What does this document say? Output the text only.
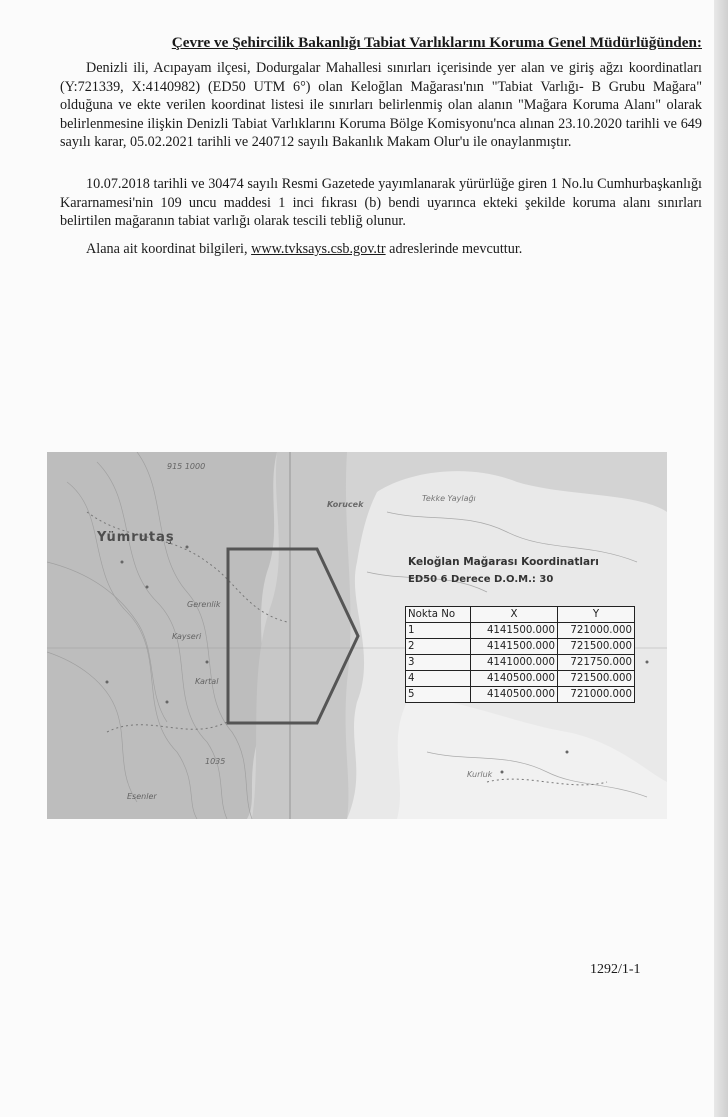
Çevre ve Şehircilik Bakanlığı Tabiat Varlıklarını Koruma Genel Müdürlüğünden:

Denizli ili, Acıpayam ilçesi, Dodurgalar Mahallesi sınırları içerisinde yer alan ve giriş ağzı koordinatları (Y:721339, X:4140982) (ED50 UTM 6°) olan Keloğlan Mağarası'nın "Tabiat Varlığı- B Grubu Mağara" olduğuna ve ekte verilen koordinat listesi ile sınırları belirlenmiş olan alanın "Mağara Koruma Alanı" olarak belirlenmesine ilişkin Denizli Tabiat Varlıklarını Koruma Bölge Komisyonu'nca alınan 23.10.2020 tarihli ve 649 sayılı karar, 05.02.2021 tarihli ve 240712 sayılı Bakanlık Makam Olur'u ile onaylanmıştır.

10.07.2018 tarihli ve 30474 sayılı Resmi Gazetede yayımlanarak yürürlüğe giren 1 No.lu Cumhurbaşkanlığı Kararnamesi'nin 109 uncu maddesi 1 inci fıkrası (b) bendi uyarınca ekteki şekilde koruma alanı sınırları belirtilen mağaranın tabiat varlığı olarak tescili tebliğ olunur.

Alana ait koordinat bilgileri, www.tvksays.csb.gov.tr adreslerinde mevcuttur.

Yümrutaş
Korucek
Tekke Yaylağı
Gerenlik
Kayseri
Kartal
Esenler
Kurluk
915 1000
1035
Keloğlan Mağarası Koordinatları
ED50 6 Derece D.O.M.: 30
Nokta No	X	Y
1	4141500.000	721000.000
2	4141500.000	721500.000
3	4141000.000	721750.000
4	4140500.000	721500.000
5	4140500.000	721000.000
1292/1-1
